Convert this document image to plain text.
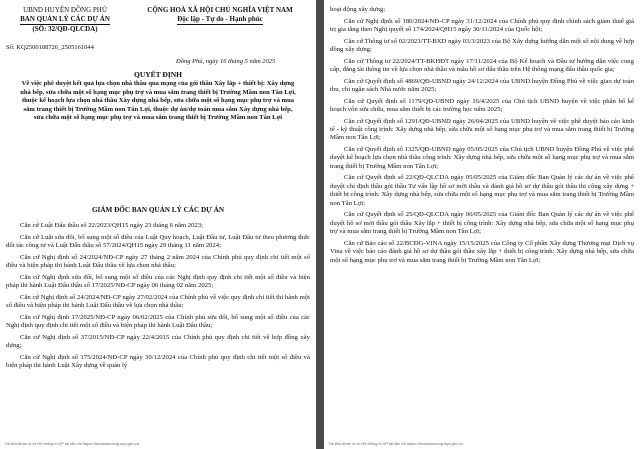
UBND HUYỆN ĐỒNG PHÚ
BAN QUẢN LÝ CÁC DỰ ÁN
(SỐ: 32/QĐ-QLCDA)
CỘNG HOÀ XÃ HỘI CHỦ NGHĨA VIỆT NAM
Độc lập - Tự do - Hạnh phúc
Số: KQ2500188726_2505161044
Đồng Phú, ngày 16 tháng 5 năm 2025
QUYẾT ĐỊNH
Về việc phê duyệt kết quả lựa chọn nhà thầu qua mạng của gói thầu Xây lắp + thiết bị: Xây dựng nhà bếp, sửa chữa một số hạng mục phụ trợ và mua sắm trang thiết bị Trường Mầm non Tân Lợi, thuộc kế hoạch lựa chọn nhà thầu Xây dựng nhà bếp, sửa chữa một số hạng mục phụ trợ và mua sắm trang thiết bị Trường Mầm non Tân Lợi, thuộc dự án/dự toán mua sắm Xây dựng nhà bếp, sửa chữa một số hạng mục phụ trợ và mua sắm trang thiết bị Trường Mầm non Tân Lợi
GIÁM ĐỐC BAN QUẢN LÝ CÁC DỰ ÁN

Căn cứ Luật Đấu thầu số 22/2023/QH15 ngày 23 tháng 6 năm 2023;

Căn cứ Luật sửa đổi, bổ sung một số điều của Luật Quy hoạch, Luật Đầu tư, Luật Đầu tư theo phương thức đối tác công tư và Luật Đấu thầu số 57/2024/QH15 ngày 29 tháng 11 năm 2024;

Căn cứ Nghị định số 24/2024/NĐ-CP ngày 27 tháng 2 năm 2024 của Chính phủ quy định chi tiết một số điều và biện pháp thi hành Luật Đấu thầu về lựa chọn nhà thầu;

Căn cứ Nghị định sửa đổi, bổ sung một số điều của các Nghị định quy định chi tiết một số điều và biện pháp thi hành Luật Đấu thầu số 17/2025/NĐ-CP ngày 06 tháng 02 năm 2025;

Căn cứ Nghị định số 24/2024/NĐ-CP ngày 27/02/2024 của Chính phủ về việc quy định chi tiết thi hành một số điều và biện pháp thi hành Luật Đấu thầu về lựa chọn nhà thầu;

Căn cứ Nghị định 17/2025/NĐ-CP ngày 06/02/2025 của Chính phủ sửa đổi, bổ sung một số điều của các Nghị định quy định chi tiết một số điều và biện pháp thi hành Luật Đấu thầu;

Căn cứ Nghị định số 37/2015/NĐ-CP ngày 22/4/2015 của Chính phủ quy định chi tiết về hợp đồng xây dựng;

Căn cứ Nghị định số 175/2024/NĐ-CP ngày 30/12/2024 của Chính phủ quy định chi tiết một số điều và biện pháp thi hành Luật Xây dựng về quản lý

Tài liệu được in từ Hệ thống e-GP tại địa chỉ https://muasamcong.mpi.gov.vn

hoạt động xây dựng;

Căn cứ Nghị định số 180/2024/NĐ-CP ngày 31/12/2024 của Chính phủ quy định chính sách giảm thuế giá trị gia tăng theo Nghị quyết số 174/2024/QH15 ngày 30/11/2024 của Quốc hội;

Căn cứ Thông tư số 02/2023/TT-BXD ngày 03/3/2023 của Bộ Xây dựng hướng dẫn một số nội dung về hợp đồng xây dựng;

Căn cứ Thông tư 22/2024/TT-BKHĐT ngày 17/11/2024 của Bộ Kế hoạch và Đầu tư hướng dẫn việc cung cấp, đăng tải thông tin về lựa chọn nhà thầu và mẫu hồ sơ đấu thầu trên Hệ thống mạng đấu thầu quốc gia;

Căn cứ Quyết định số 4869/QĐ-UBND ngày 24/12/2024 của UBND huyện Đồng Phú về việc giao dự toán thu, chi ngân sách Nhà nước năm 2025;

Căn cứ Quyết định số 1179/QĐ-UBND ngày 16/4/2025 của Chủ tịch UBND huyện về việc phân bổ kế hoạch vốn sửa chữa, mua sắm thiết bị các trường học năm 2025;

Căn cứ Quyết định số 1291/QĐ-UBND ngày 26/04/2025 của UBND huyện về việc phê duyệt báo cáo kinh tế - kỹ thuật công trình: Xây dựng nhà bếp, sửa chữa một số hạng mục phụ trợ và mua sắm trang thiết bị Trường Mầm non Tân Lợi;

Căn cứ Quyết định số 1325/QĐ-UBND ngày 05/05/2025 của Chủ tịch UBND huyện Đồng Phú về việc phê duyệt kế hoạch lựa chọn nhà thầu công trình: Xây dựng nhà bếp, sửa chữa một số hạng mục phụ trợ và mua sắm trang thiết bị Trường Mầm non Tân Lợi;

Căn cứ Quyết định số 22/QĐ-QLCDA ngày 05/05/2025 của Giám đốc Ban Quản lý các dự án về việc phê duyệt chỉ định thầu gói thầu Tư vấn lập hồ sơ mời thầu và đánh giá hồ sơ dự thầu gói thầu thi công xây dựng + thiết bị công trình: Xây dựng nhà bếp, sửa chữa một số hạng mục phụ trợ và mua sắm trang thiết bị Trường Mầm non Tân Lợi;

Căn cứ Quyết định số 25/QĐ-QLCDA ngày 06/05/2025 của Giám đốc Ban Quản lý các dự án về việc phê duyệt hồ sơ mời thầu gói thầu Xây lắp + thiết bị công trình: Xây dựng nhà bếp, sửa chữa một số hạng mục phụ trợ và mua sắm trang thiết bị Trường Mầm non Tân Lợi;

Căn cứ Báo cáo số 22/BCĐG-VINA ngày 15/15/2025 của Công ty Cổ phần Xây dựng Thương mại Dịch vụ Vina về việc báo cáo đánh giá hồ sơ dự thầu gói thầu xây lắp + thiết bị công trình: Xây dựng nhà bếp, sửa chữa một số hạng mục phụ trợ và mua sắm trang thiết bị Trường Mầm non Tân Lợi;

Tài liệu được in từ Hệ thống e-GP tại địa chỉ https://muasamcong.mpi.gov.vn
